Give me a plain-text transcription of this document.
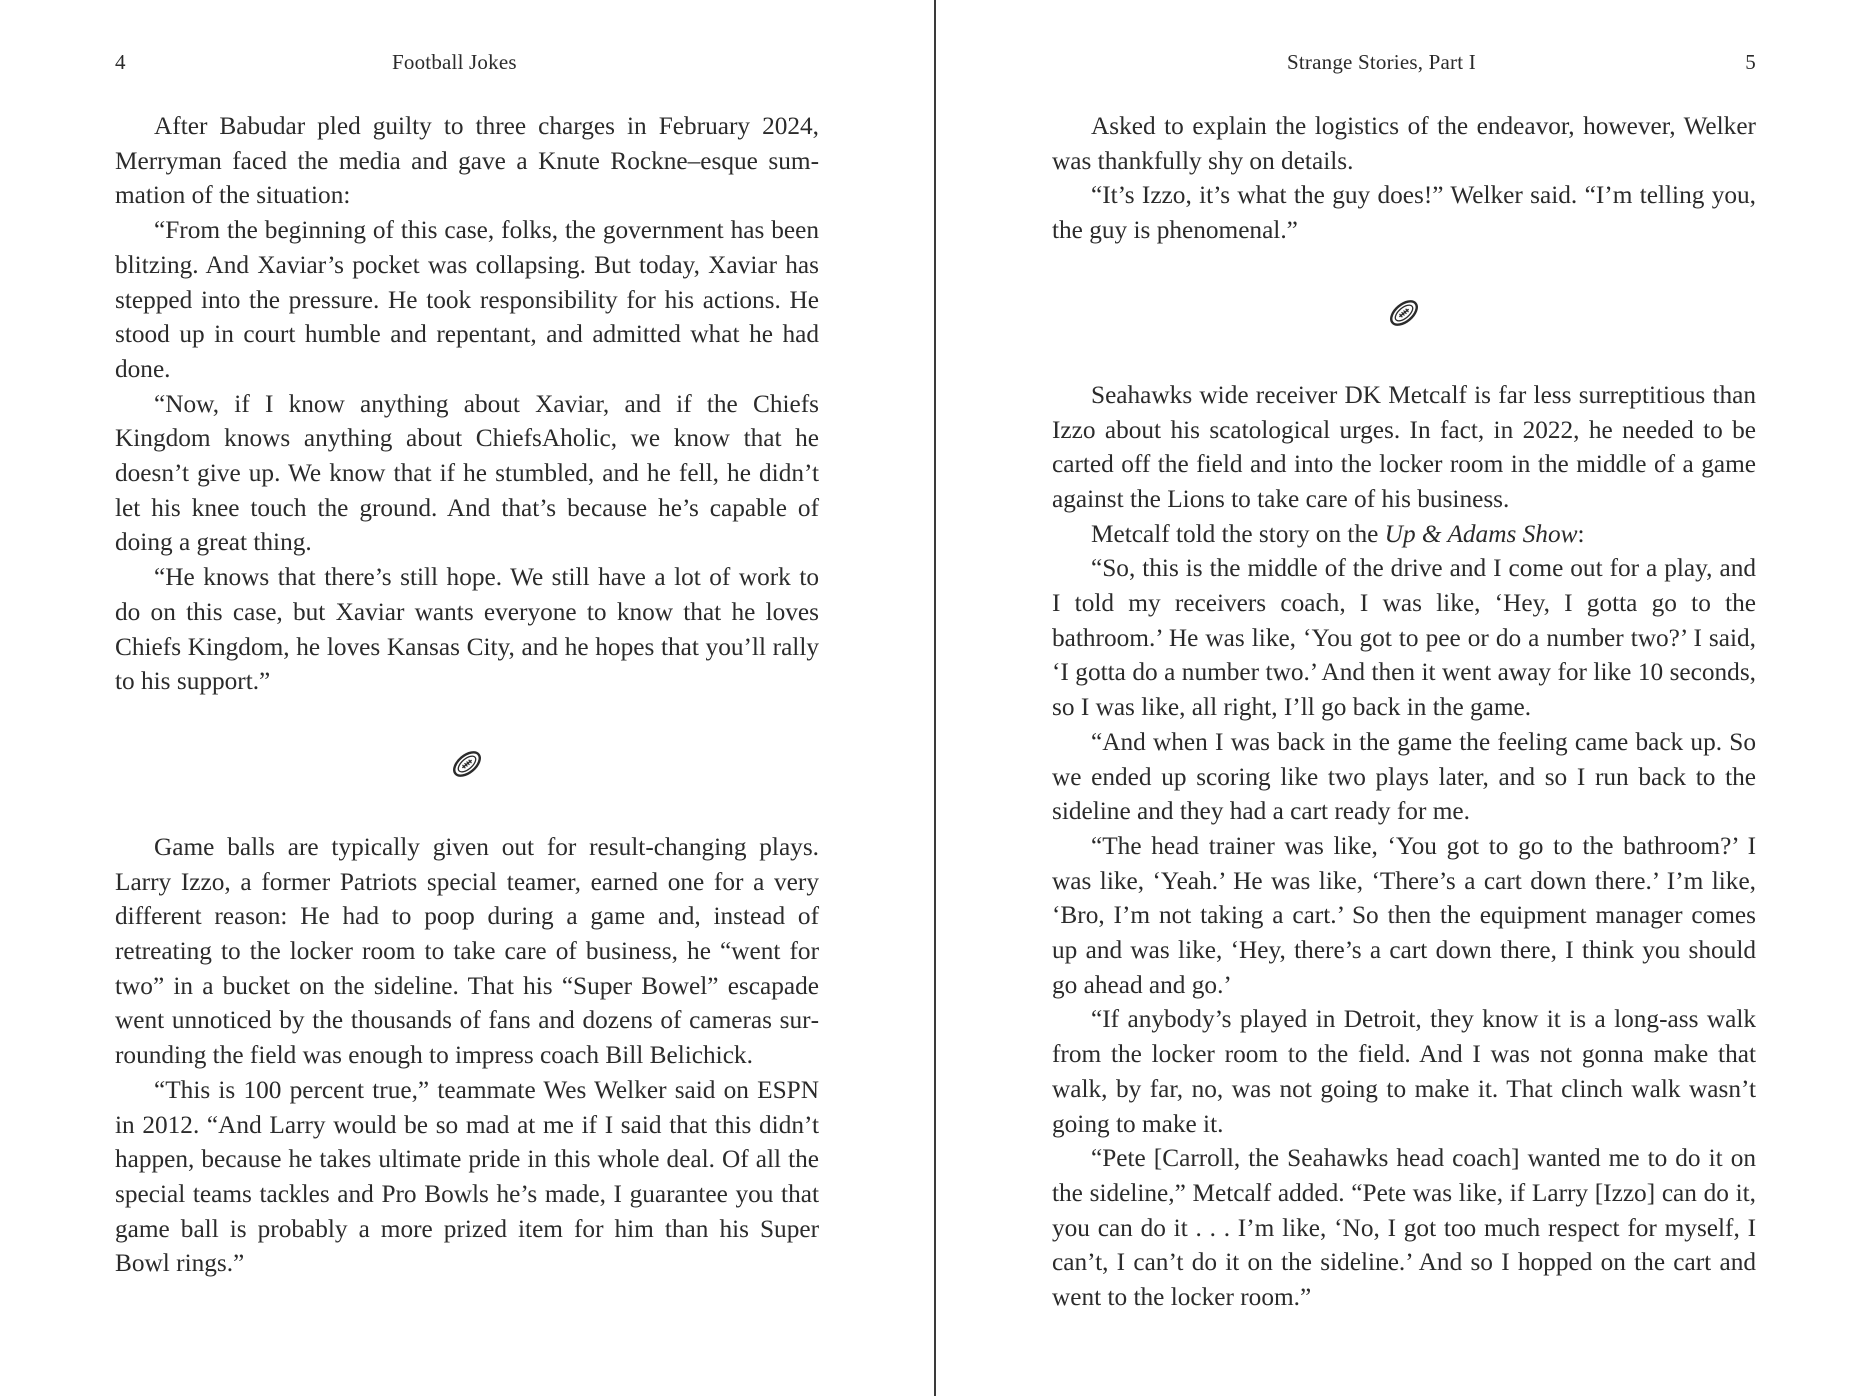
4	Football Jokes

After Babudar pled guilty to three charges in February 2024, Merryman faced the media and gave a Knute Rockne–esque summation of the situation:

“From the beginning of this case, folks, the government has been blitzing. And Xaviar’s pocket was collapsing. But today, Xaviar has stepped into the pressure. He took responsibility for his actions. He stood up in court humble and repentant, and admitted what he had done.

“Now, if I know anything about Xaviar, and if the Chiefs Kingdom knows anything about ChiefsAholic, we know that he doesn’t give up. We know that if he stumbled, and he fell, he didn’t let his knee touch the ground. And that’s because he’s capable of doing a great thing.

“He knows that there’s still hope. We still have a lot of work to do on this case, but Xaviar wants everyone to know that he loves Chiefs Kingdom, he loves Kansas City, and he hopes that you’ll rally to his support.”

Game balls are typically given out for result-changing plays. Larry Izzo, a former Patriots special teamer, earned one for a very different reason: He had to poop during a game and, instead of retreating to the locker room to take care of business, he “went for two” in a bucket on the sideline. That his “Super Bowel” escapade went unnoticed by the thousands of fans and dozens of cameras surrounding the field was enough to impress coach Bill Belichick.

“This is 100 percent true,” teammate Wes Welker said on ESPN in 2012. “And Larry would be so mad at me if I said that this didn’t happen, because he takes ultimate pride in this whole deal. Of all the special teams tackles and Pro Bowls he’s made, I guarantee you that game ball is probably a more prized item for him than his Super Bowl rings.”

Strange Stories, Part I	5

Asked to explain the logistics of the endeavor, however, Welker was thankfully shy on details.

“It’s Izzo, it’s what the guy does!” Welker said. “I’m telling you, the guy is phenomenal.”

Seahawks wide receiver DK Metcalf is far less surreptitious than Izzo about his scatological urges. In fact, in 2022, he needed to be carted off the field and into the locker room in the middle of a game against the Lions to take care of his business.

Metcalf told the story on the Up & Adams Show:

“So, this is the middle of the drive and I come out for a play, and I told my receivers coach, I was like, ‘Hey, I gotta go to the bathroom.’ He was like, ‘You got to pee or do a number two?’ I said, ‘I gotta do a number two.’ And then it went away for like 10 seconds, so I was like, all right, I’ll go back in the game.

“And when I was back in the game the feeling came back up. So we ended up scoring like two plays later, and so I run back to the sideline and they had a cart ready for me.

“The head trainer was like, ‘You got to go to the bathroom?’ I was like, ‘Yeah.’ He was like, ‘There’s a cart down there.’ I’m like, ‘Bro, I’m not taking a cart.’ So then the equipment manager comes up and was like, ‘Hey, there’s a cart down there, I think you should go ahead and go.’

“If anybody’s played in Detroit, they know it is a long-ass walk from the locker room to the field. And I was not gonna make that walk, by far, no, was not going to make it. That clinch walk wasn’t going to make it.

“Pete [Carroll, the Seahawks head coach] wanted me to do it on the sideline,” Metcalf added. “Pete was like, if Larry [Izzo] can do it, you can do it . . . I’m like, ‘No, I got too much respect for myself, I can’t, I can’t do it on the sideline.’ And so I hopped on the cart and went to the locker room.”
